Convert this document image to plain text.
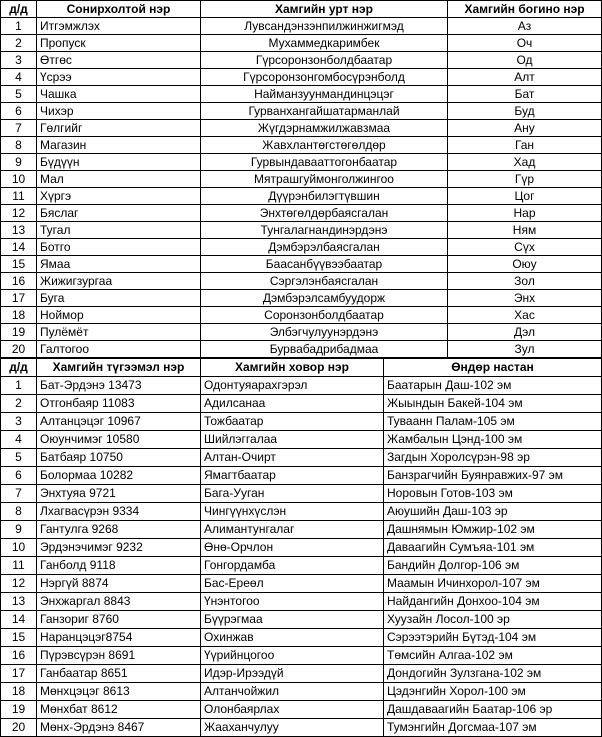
д/д	Сонирхолтой нэр	Хамгийн урт нэр	Хамгийн богино нэр
1	Итгэмжлэх	Лувсандэнзэнпилжинжигмэд	Аз
2	Пропуск	Мухаммедкаримбек	Оч
3	Өтгөс	Гүрсоронзонболдбаатар	Од
4	Үсрээ	Гүрсоронзонгомбосүрэнболд	Алт
5	Чашка	Найманзуунмандинцэцэг	Бат
6	Чихэр	Гурванхангайшатарманлай	Буд
7	Гөлгийг	Жүгдэрнамжилжавзмаа	Ану
8	Магазин	Жавхлантөгстөгөлдөр	Ган
9	Бүдүүн	Гурвындавааттогонбаатар	Хад
10	Мал	Мятрашгуймонголжингоо	Гүр
11	Хүргэ	Дүүрэнбилэгтүвшин	Цог
12	Бяслаг	Энхтөгөлдөрбаясгалан	Нар
13	Тугал	Тунгалагнандинэрдэнэ	Ням
14	Ботго	Дэмбэрэлбаясгалан	Сүх
15	Ямаа	Баасанбүүвээбаатар	Оюу
16	Жижигзургаа	Сэргэлэнбаясгалан	Зол
17	Буга	Дэмбэрэлсамбуудорж	Энх
18	Ноймор	Соронзонболдбаатар	Хас
19	Пулёмёт	Элбэгчулуунэрдэнэ	Дэл
20	Галтогоо	Бурвабадрибадмаа	Зул
д/д	Хамгийн түгээмэл нэр	Хамгийн ховор нэр	Өндөр настан
1	Бат-Эрдэнэ 13473	Одонтуяарахгэрэл	Баатарын Даш-102 эм
2	Отгонбаяр 11083	Адилсанаа	Жыындын Бакей-104 эм
3	Алтанцэцэг 10967	Тожбаатар	Туваанн Палам-105 эм
4	Оюунчимэг 10580	Шийлэггалаа	Жамбалын Цэнд-100 эм
5	Батбаяр 10750	Алтан-Очирт	Загдын Хоролсүрэн-98 эр
6	Болормаа 10282	Ямагтбаатар	Банзрагчийн Буянравжих-97 эм
7	Энхтуяа 9721	Бага-Ууган	Норовын Готов-103 эм
8	Лхагвасүрэн 9334	Чингүүнхүслэн	Аюушийн Даш-103 эр
9	Гантулга 9268	Алимантунгалаг	Дашнямын Юмжир-102 эм
10	Эрдэнэчимэг 9232	Өнө-Орчлон	Даваагийн Сумъяа-101 эм
11	Ганболд 9118	Гонгордамба	Бандийн Долгор-106 эм
12	Нэргүй 8874	Бас-Ереөл	Маамын Ичинхорол-107 эм
13	Энхжаргал 8843	Үнэнтогоо	Найдангийн Донхоо-104 эм
14	Ганзориг 8760	Бүүрэгмаа	Хуузайн Лосол-100 эр
15	Наранцэцэг8754	Охинжав	Сэрээтэрийн Бүтэд-104 эм
16	Пүрэвсүрэн 8691	Үүрийнцогоо	Төмсийн Алгаа-102 эм
17	Ганбаатар 8651	Идэр-Ирээдүй	Дондогийн Зулзгана-102 эм
18	Мөнхцэцэг 8613	Алтанчойжил	Цэдэнгийн Хорол-100 эм
19	Мөнхбат 8612	Олонбаярлах	Дашдаваагийн Баатар-106 эр
20	Мөнх-Эрдэнэ 8467	Жааханчулуу	Тумэнгийн Догсмаа-107 эм
